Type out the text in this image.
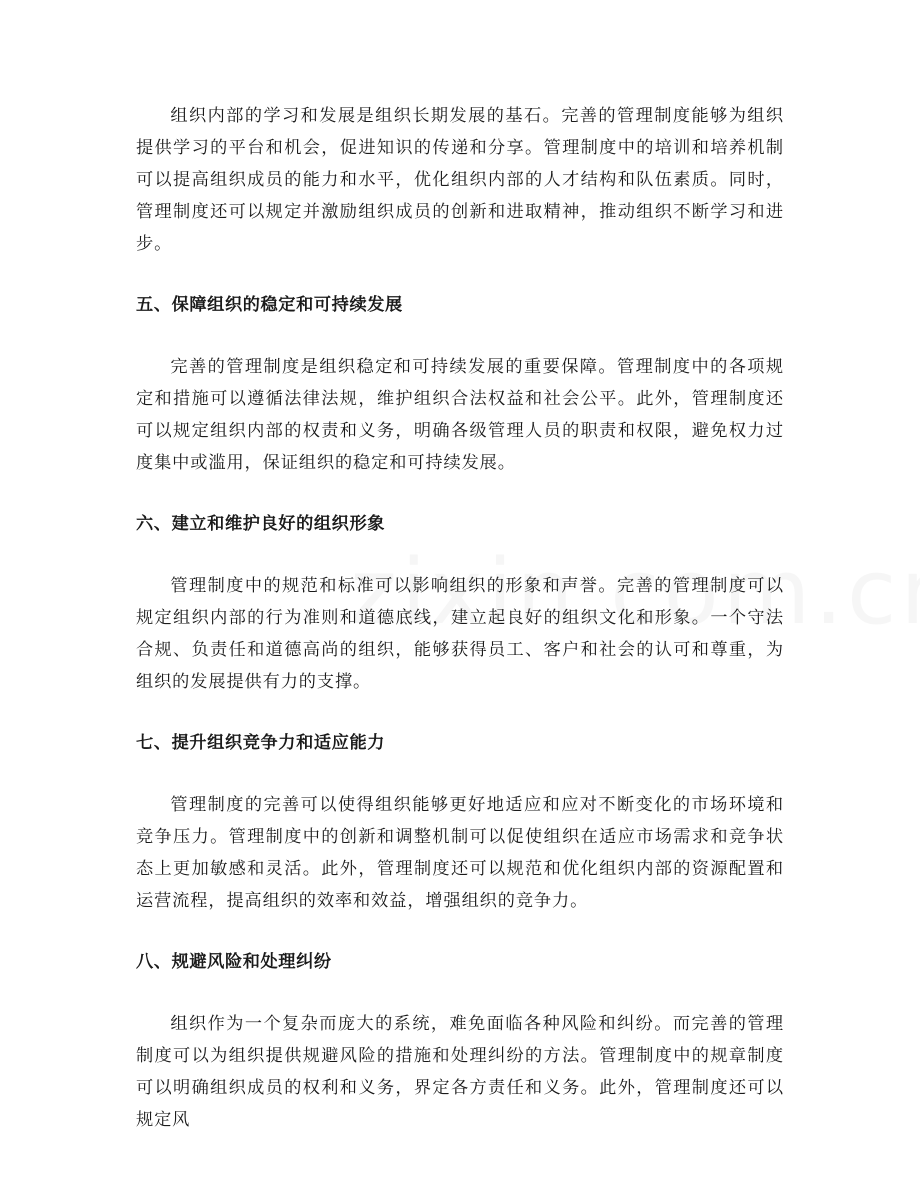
组织内部的学习和发展是组织长期发展的基石。完善的管理制度能够为组织提供学习的平台和机会，促进知识的传递和分享。管理制度中的培训和培养机制可以提高组织成员的能力和水平，优化组织内部的人才结构和队伍素质。同时，管理制度还可以规定并激励组织成员的创新和进取精神，推动组织不断学习和进步。

五、保障组织的稳定和可持续发展

完善的管理制度是组织稳定和可持续发展的重要保障。管理制度中的各项规定和措施可以遵循法律法规，维护组织合法权益和社会公平。此外，管理制度还可以规定组织内部的权责和义务，明确各级管理人员的职责和权限，避免权力过度集中或滥用，保证组织的稳定和可持续发展。

六、建立和维护良好的组织形象

管理制度中的规范和标准可以影响组织的形象和声誉。完善的管理制度可以规定组织内部的行为准则和道德底线，建立起良好的组织文化和形象。一个守法合规、负责任和道德高尚的组织，能够获得员工、客户和社会的认可和尊重，为组织的发展提供有力的支撑。

七、提升组织竞争力和适应能力

管理制度的完善可以使得组织能够更好地适应和应对不断变化的市场环境和竞争压力。管理制度中的创新和调整机制可以促使组织在适应市场需求和竞争状态上更加敏感和灵活。此外，管理制度还可以规范和优化组织内部的资源配置和运营流程，提高组织的效率和效益，增强组织的竞争力。

八、规避风险和处理纠纷

组织作为一个复杂而庞大的系统，难免面临各种风险和纠纷。而完善的管理制度可以为组织提供规避风险的措施和处理纠纷的方法。管理制度中的规章制度可以明确组织成员的权利和义务，界定各方责任和义务。此外，管理制度还可以规定风
